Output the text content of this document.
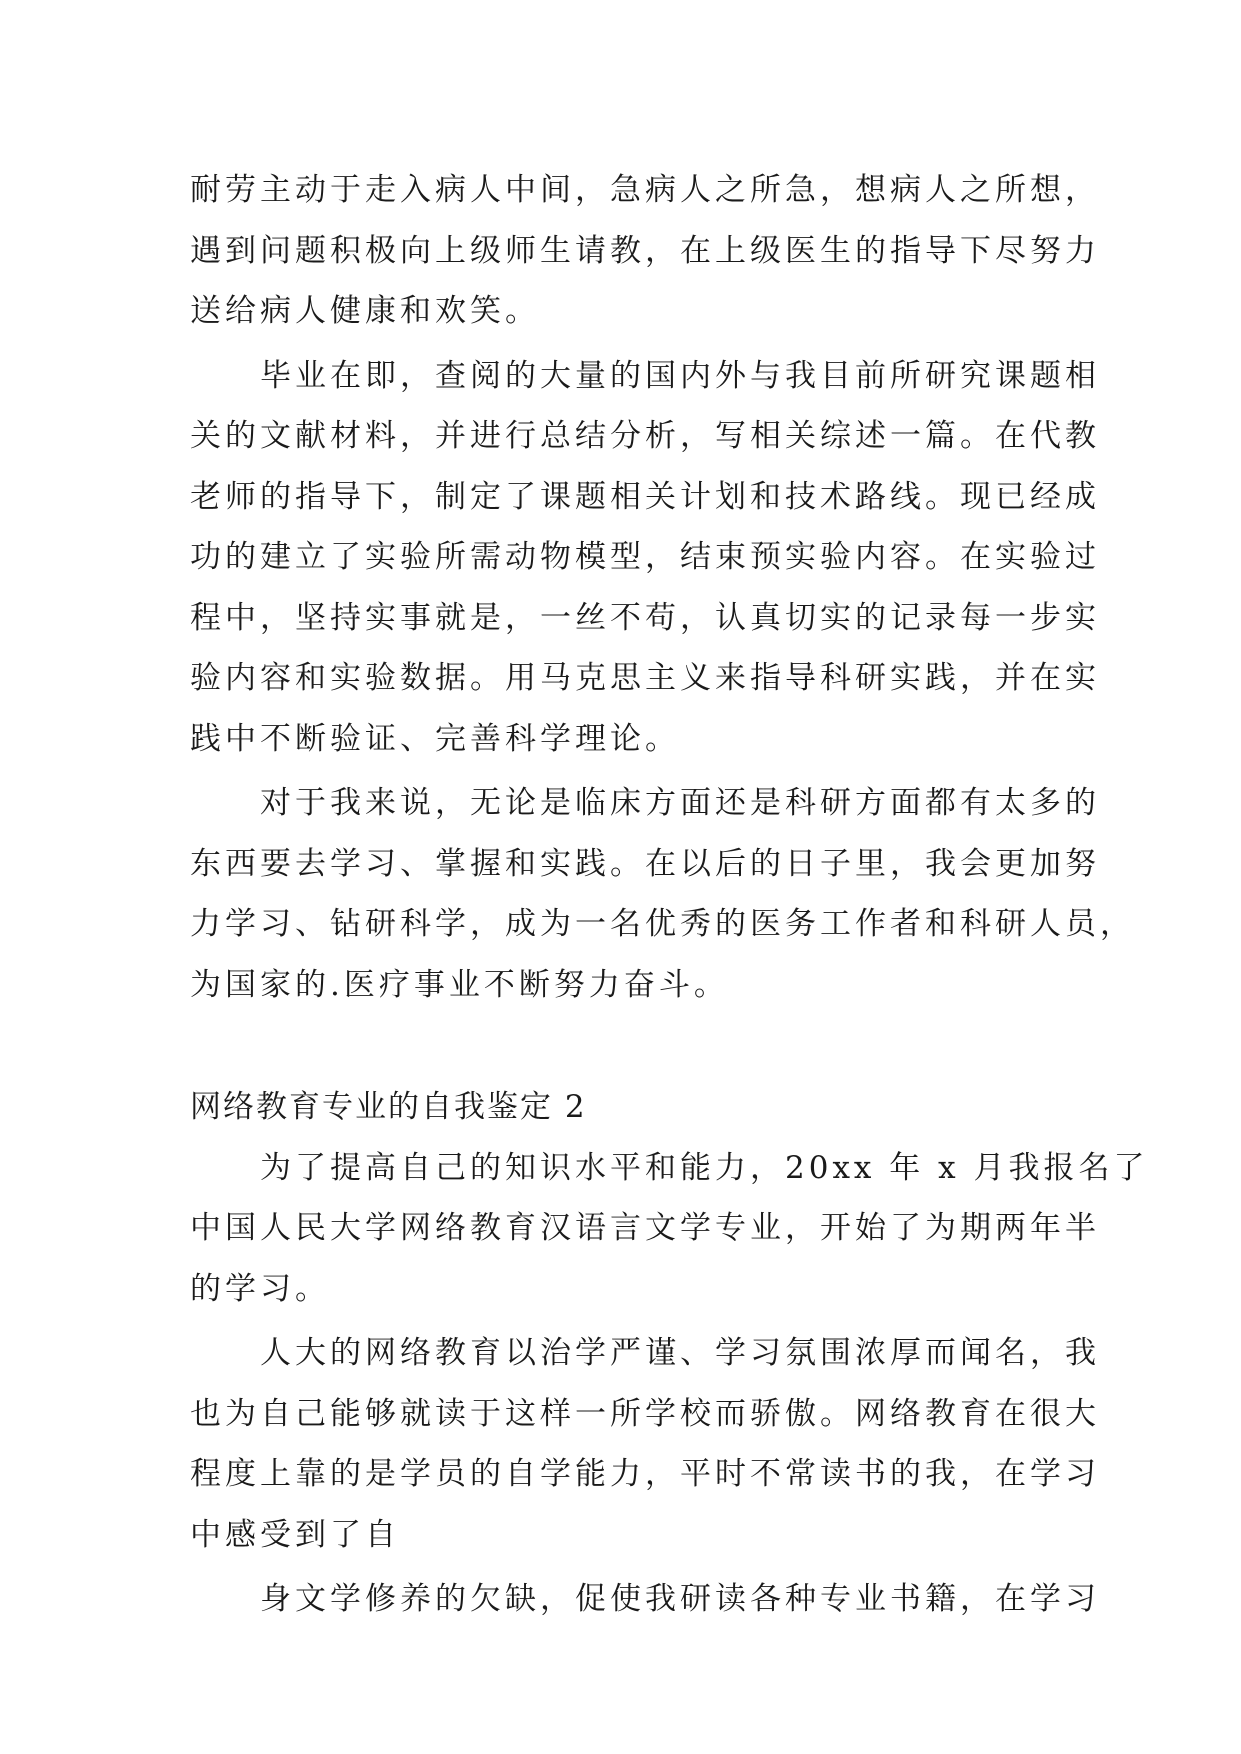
耐劳主动于走入病人中间，急病人之所急，想病人之所想，
遇到问题积极向上级师生请教，在上级医生的指导下尽努力
送给病人健康和欢笑。
毕业在即，查阅的大量的国内外与我目前所研究课题相
关的文献材料，并进行总结分析，写相关综述一篇。在代教
老师的指导下，制定了课题相关计划和技术路线。现已经成
功的建立了实验所需动物模型，结束预实验内容。在实验过
程中，坚持实事就是，一丝不苟，认真切实的记录每一步实
验内容和实验数据。用马克思主义来指导科研实践，并在实
践中不断验证、完善科学理论。
对于我来说，无论是临床方面还是科研方面都有太多的
东西要去学习、掌握和实践。在以后的日子里，我会更加努
力学习、钻研科学，成为一名优秀的医务工作者和科研人员，
为国家的.医疗事业不断努力奋斗。
网络教育专业的自我鉴定 2
为了提高自己的知识水平和能力，20xx 年 x 月我报名了
中国人民大学网络教育汉语言文学专业，开始了为期两年半
的学习。
人大的网络教育以治学严谨、学习氛围浓厚而闻名，我
也为自己能够就读于这样一所学校而骄傲。网络教育在很大
程度上靠的是学员的自学能力，平时不常读书的我，在学习
中感受到了自
身文学修养的欠缺，促使我研读各种专业书籍，在学习
